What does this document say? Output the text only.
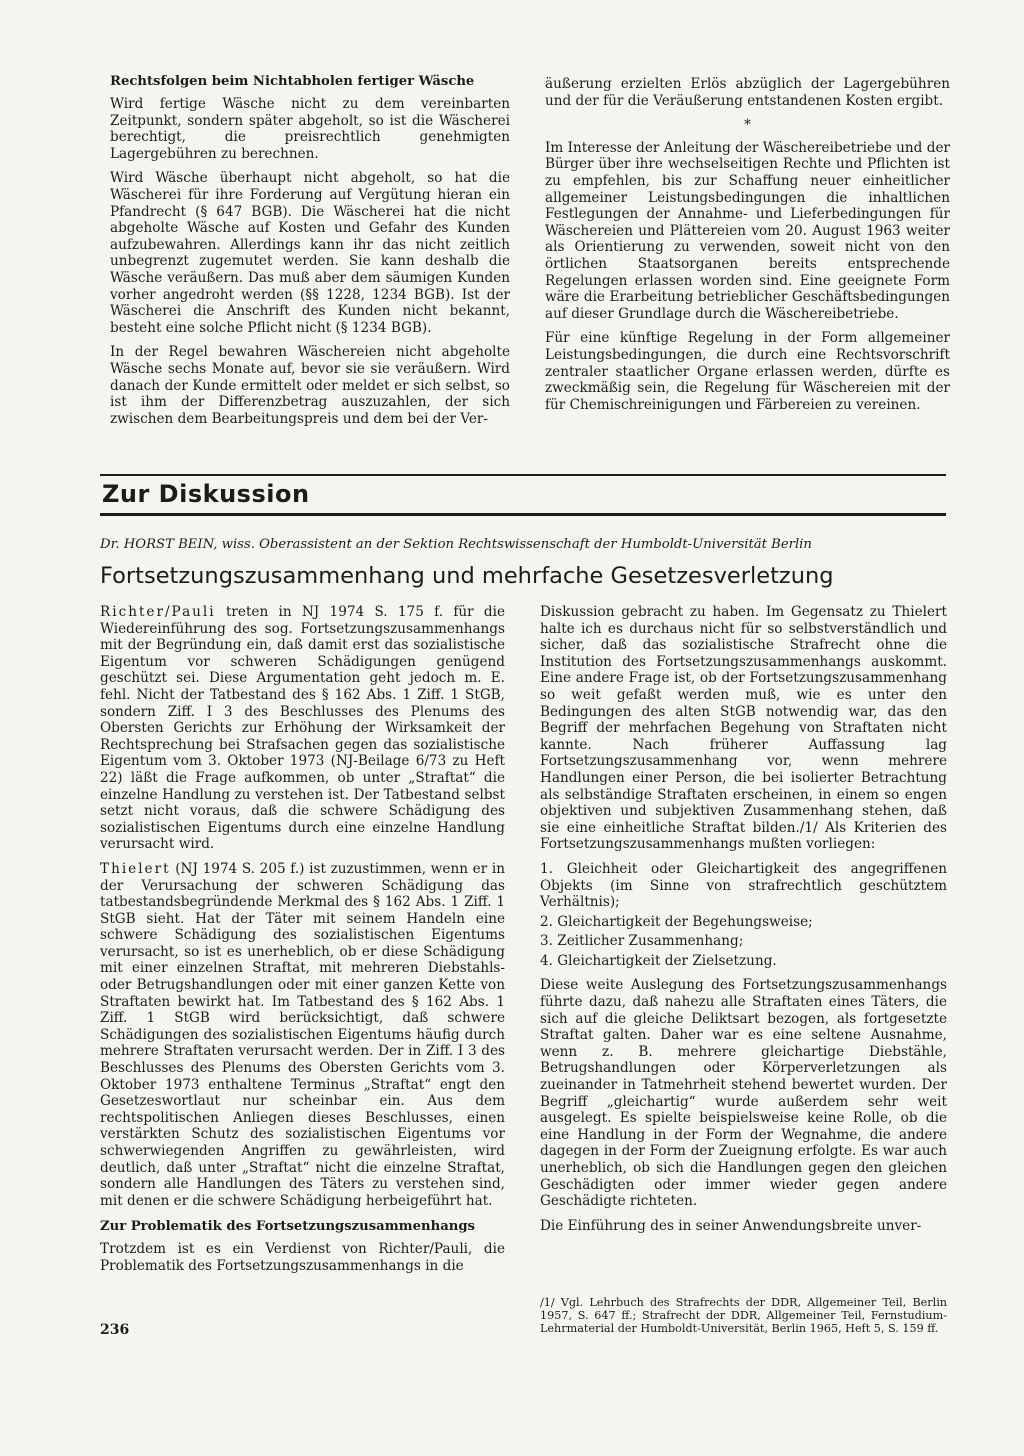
Rechtsfolgen beim Nichtabholen fertiger Wäsche

Wird fertige Wäsche nicht zu dem vereinbarten Zeitpunkt, sondern später abgeholt, so ist die Wäscherei berechtigt, die preisrechtlich genehmigten Lagergebühren zu berechnen.

Wird Wäsche überhaupt nicht abgeholt, so hat die Wäscherei für ihre Forderung auf Vergütung hieran ein Pfandrecht (§ 647 BGB). Die Wäscherei hat die nicht abgeholte Wäsche auf Kosten und Gefahr des Kunden aufzubewahren. Allerdings kann ihr das nicht zeitlich unbegrenzt zugemutet werden. Sie kann deshalb die Wäsche veräußern. Das muß aber dem säumigen Kunden vorher angedroht werden (§§ 1228, 1234 BGB). Ist der Wäscherei die Anschrift des Kunden nicht bekannt, besteht eine solche Pflicht nicht (§ 1234 BGB).

In der Regel bewahren Wäschereien nicht abgeholte Wäsche sechs Monate auf, bevor sie sie veräußern. Wird danach der Kunde ermittelt oder meldet er sich selbst, so ist ihm der Differenzbetrag auszuzahlen, der sich zwischen dem Bearbeitungspreis und dem bei der Ver-

äußerung erzielten Erlös abzüglich der Lagergebühren und der für die Veräußerung entstandenen Kosten ergibt.

*

Im Interesse der Anleitung der Wäschereibetriebe und der Bürger über ihre wechselseitigen Rechte und Pflichten ist zu empfehlen, bis zur Schaffung neuer einheitlicher allgemeiner Leistungsbedingungen die inhaltlichen Festlegungen der Annahme- und Lieferbedingungen für Wäschereien und Plättereien vom 20. August 1963 weiter als Orientierung zu verwenden, soweit nicht von den örtlichen Staatsorganen bereits entsprechende Regelungen erlassen worden sind. Eine geeignete Form wäre die Erarbeitung betrieblicher Geschäftsbedingungen auf dieser Grundlage durch die Wäschereibetriebe.

Für eine künftige Regelung in der Form allgemeiner Leistungsbedingungen, die durch eine Rechtsvorschrift zentraler staatlicher Organe erlassen werden, dürfte es zweckmäßig sein, die Regelung für Wäschereien mit der für Chemischreinigungen und Färbereien zu vereinen.

Zur Diskussion
Dr. HORST BEIN, wiss. Oberassistent an der Sektion Rechtswissenschaft der Humboldt-Universität Berlin
Fortsetzungszusammenhang und mehrfache Gesetzesverletzung

Richter/Pauli treten in NJ 1974 S. 175 f. für die Wiedereinführung des sog. Fortsetzungszusammenhangs mit der Begründung ein, daß damit erst das sozialistische Eigentum vor schweren Schädigungen genügend geschützt sei. Diese Argumentation geht jedoch m. E. fehl. Nicht der Tatbestand des § 162 Abs. 1 Ziff. 1 StGB, sondern Ziff. I 3 des Beschlusses des Plenums des Obersten Gerichts zur Erhöhung der Wirksamkeit der Rechtsprechung bei Strafsachen gegen das sozialistische Eigentum vom 3. Oktober 1973 (NJ-Beilage 6/73 zu Heft 22) läßt die Frage aufkommen, ob unter „Straftat“ die einzelne Handlung zu verstehen ist. Der Tatbestand selbst setzt nicht voraus, daß die schwere Schädigung des sozialistischen Eigentums durch eine einzelne Handlung verursacht wird.

Thielert (NJ 1974 S. 205 f.) ist zuzustimmen, wenn er in der Verursachung der schweren Schädigung das tatbestandsbegründende Merkmal des § 162 Abs. 1 Ziff. 1 StGB sieht. Hat der Täter mit seinem Handeln eine schwere Schädigung des sozialistischen Eigentums verursacht, so ist es unerheblich, ob er diese Schädigung mit einer einzelnen Straftat, mit mehreren Diebstahls- oder Betrugshandlungen oder mit einer ganzen Kette von Straftaten bewirkt hat. Im Tatbestand des § 162 Abs. 1 Ziff. 1 StGB wird berücksichtigt, daß schwere Schädigungen des sozialistischen Eigentums häufig durch mehrere Straftaten verursacht werden. Der in Ziff. I 3 des Beschlusses des Plenums des Obersten Gerichts vom 3. Oktober 1973 enthaltene Terminus „Straftat“ engt den Gesetzeswortlaut nur scheinbar ein. Aus dem rechtspolitischen Anliegen dieses Beschlusses, einen verstärkten Schutz des sozialistischen Eigentums vor schwerwiegenden Angriffen zu gewährleisten, wird deutlich, daß unter „Straftat“ nicht die einzelne Straftat, sondern alle Handlungen des Täters zu verstehen sind, mit denen er die schwere Schädigung herbeigeführt hat.

Zur Problematik des Fortsetzungszusammenhangs

Trotzdem ist es ein Verdienst von Richter/Pauli, die Problematik des Fortsetzungszusammenhangs in die

Diskussion gebracht zu haben. Im Gegensatz zu Thielert halte ich es durchaus nicht für so selbstverständlich und sicher, daß das sozialistische Strafrecht ohne die Institution des Fortsetzungszusammenhangs auskommt. Eine andere Frage ist, ob der Fortsetzungszusammenhang so weit gefaßt werden muß, wie es unter den Bedingungen des alten StGB notwendig war, das den Begriff der mehrfachen Begehung von Straftaten nicht kannte. Nach früherer Auffassung lag Fortsetzungszusammenhang vor, wenn mehrere Handlungen einer Person, die bei isolierter Betrachtung als selbständige Straftaten erscheinen, in einem so engen objektiven und subjektiven Zusammenhang stehen, daß sie eine einheitliche Straftat bilden./1/ Als Kriterien des Fortsetzungszusammenhangs mußten vorliegen:

1. Gleichheit oder Gleichartigkeit des angegriffenen Objekts (im Sinne von strafrechtlich geschütztem Verhältnis);
2. Gleichartigkeit der Begehungsweise;
3. Zeitlicher Zusammenhang;
4. Gleichartigkeit der Zielsetzung.

Diese weite Auslegung des Fortsetzungszusammenhangs führte dazu, daß nahezu alle Straftaten eines Täters, die sich auf die gleiche Deliktsart bezogen, als fortgesetzte Straftat galten. Daher war es eine seltene Ausnahme, wenn z. B. mehrere gleichartige Diebstähle, Betrugshandlungen oder Körperverletzungen als zueinander in Tatmehrheit stehend bewertet wurden. Der Begriff „gleichartig“ wurde außerdem sehr weit ausgelegt. Es spielte beispielsweise keine Rolle, ob die eine Handlung in der Form der Wegnahme, die andere dagegen in der Form der Zueignung erfolgte. Es war auch unerheblich, ob sich die Handlungen gegen den gleichen Geschädigten oder immer wieder gegen andere Geschädigte richteten.

Die Einführung des in seiner Anwendungsbreite unver-

/1/ Vgl. Lehrbuch des Strafrechts der DDR, Allgemeiner Teil, Berlin 1957, S. 647 ff.; Strafrecht der DDR, Allgemeiner Teil, Fernstudium-Lehrmaterial der Humboldt-Universität, Berlin 1965, Heft 5, S. 159 ff.
236
